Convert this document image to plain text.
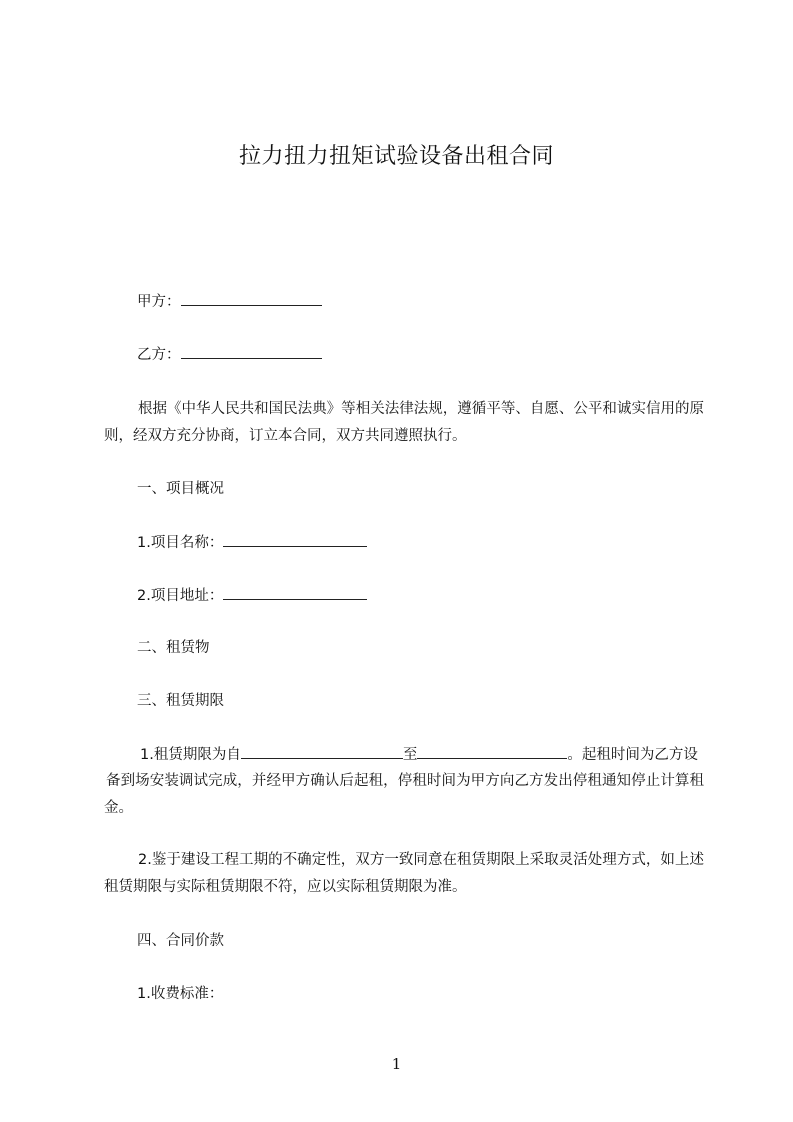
拉力扭力扭矩试验设备出租合同
甲方：
乙方：
根据《中华人民共和国民法典》等相关法律法规，遵循平等、自愿、公平和诚实信用的原则，经双方充分协商，订立本合同，双方共同遵照执行。
一、项目概况
1.项目名称：
2.项目地址：
二、租赁物
三、租赁期限
1.租赁期限为自	至	。起租时间为乙方设
备到场安装调试完成，并经甲方确认后起租，停租时间为甲方向乙方发出停租通知停止计算租金。
2.鉴于建设工程工期的不确定性，双方一致同意在租赁期限上采取灵活处理方式，如上述租赁期限与实际租赁期限不符，应以实际租赁期限为准。
四、合同价款
1.收费标准：
1
